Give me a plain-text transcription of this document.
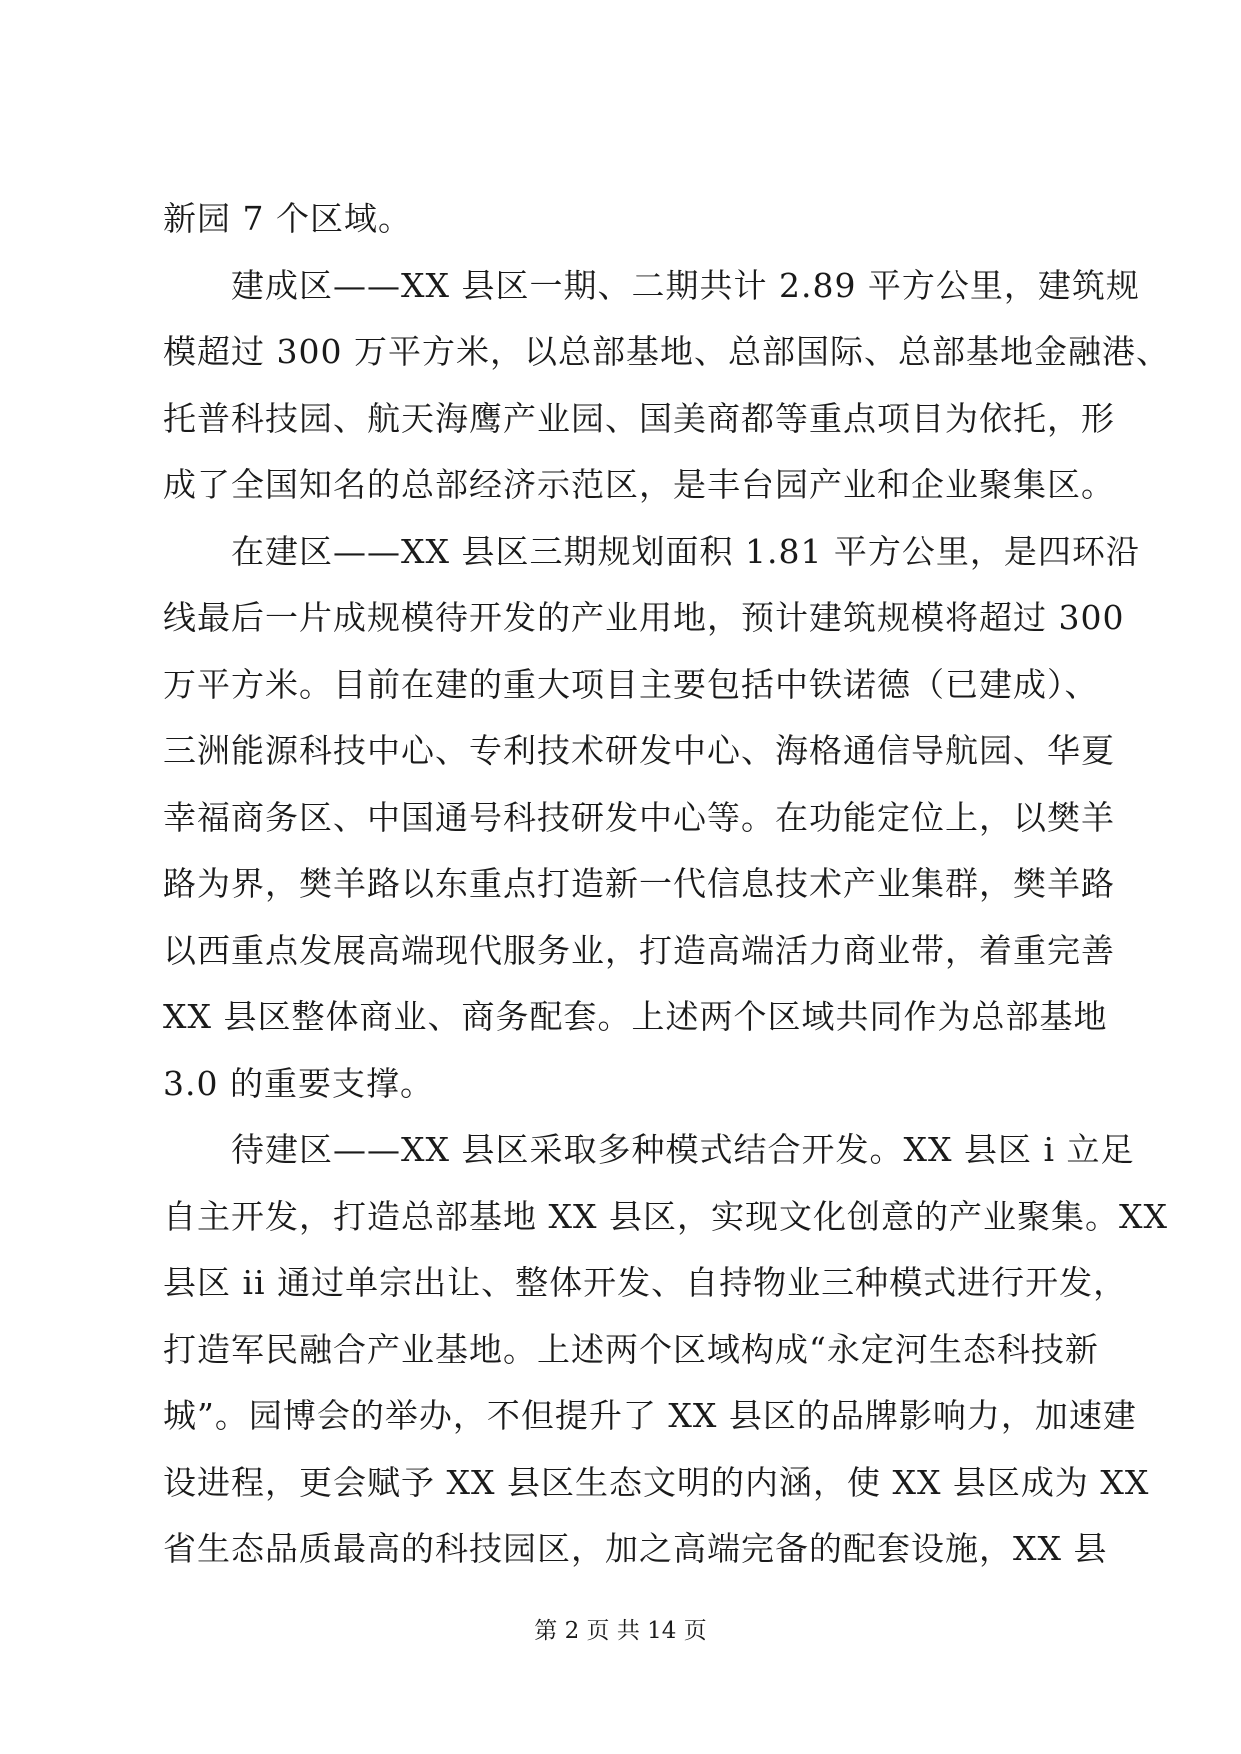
新园 7 个区域。
　　建成区——XX 县区一期、二期共计 2.89 平方公里，建筑规
模超过 300 万平方米，以总部基地、总部国际、总部基地金融港、
托普科技园、航天海鹰产业园、国美商都等重点项目为依托，形
成了全国知名的总部经济示范区，是丰台园产业和企业聚集区。
　　在建区——XX 县区三期规划面积 1.81 平方公里，是四环沿
线最后一片成规模待开发的产业用地，预计建筑规模将超过 300
万平方米。目前在建的重大项目主要包括中铁诺德（已建成）、
三洲能源科技中心、专利技术研发中心、海格通信导航园、华夏
幸福商务区、中国通号科技研发中心等。在功能定位上，以樊羊
路为界，樊羊路以东重点打造新一代信息技术产业集群，樊羊路
以西重点发展高端现代服务业，打造高端活力商业带，着重完善
XX 县区整体商业、商务配套。上述两个区域共同作为总部基地
3.0 的重要支撑。
　　待建区——XX 县区采取多种模式结合开发。XX 县区 i 立足
自主开发，打造总部基地 XX 县区，实现文化创意的产业聚集。XX
县区 ii 通过单宗出让、整体开发、自持物业三种模式进行开发，
打造军民融合产业基地。上述两个区域构成“永定河生态科技新
城”。园博会的举办，不但提升了 XX 县区的品牌影响力，加速建
设进程，更会赋予 XX 县区生态文明的内涵，使 XX 县区成为 XX
省生态品质最高的科技园区，加之高端完备的配套设施，XX 县
第 2 页 共 14 页
